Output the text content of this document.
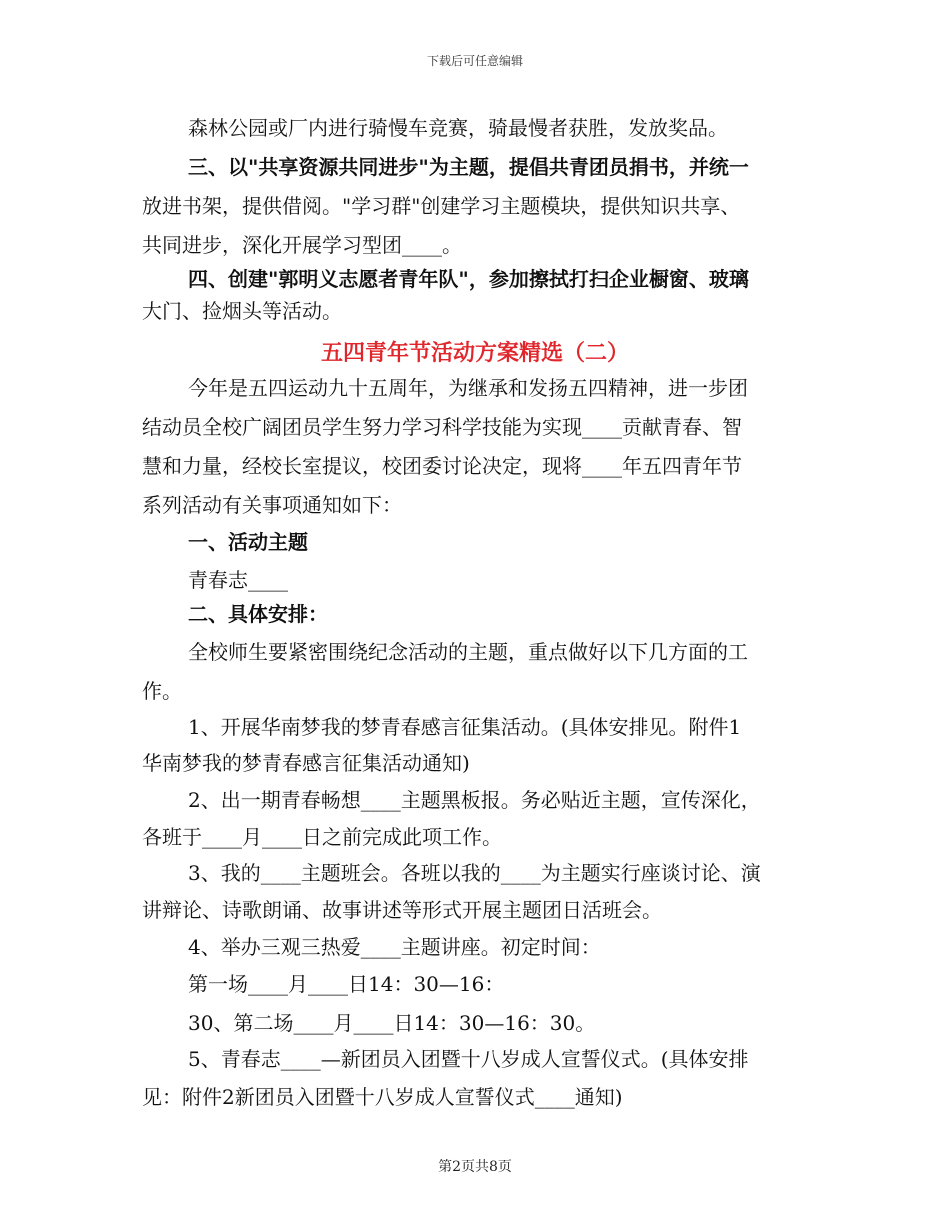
下载后可任意编辑
森林公园或厂内进行骑慢车竞赛，骑最慢者获胜，发放奖品。
三、以"共享资源共同进步"为主题，提倡共青团员捐书，并统一
放进书架，提供借阅。"学习群"创建学习主题模块，提供知识共享、
共同进步，深化开展学习型团____。
四、创建"郭明义志愿者青年队"，参加擦拭打扫企业橱窗、玻璃
大门、捡烟头等活动。
五四青年节活动方案精选（二）
今年是五四运动九十五周年，为继承和发扬五四精神，进一步团
结动员全校广阔团员学生努力学习科学技能为实现____贡献青春、智
慧和力量，经校长室提议，校团委讨论决定，现将____年五四青年节
系列活动有关事项通知如下：
一、活动主题
青春志____
二、具体安排：
全校师生要紧密围绕纪念活动的主题，重点做好以下几方面的工
作。
1、开展华南梦我的梦青春感言征集活动。(具体安排见。附件1
华南梦我的梦青春感言征集活动通知)
2、出一期青春畅想____主题黑板报。务必贴近主题，宣传深化，
各班于____月____日之前完成此项工作。
3、我的____主题班会。各班以我的____为主题实行座谈讨论、演
讲辩论、诗歌朗诵、故事讲述等形式开展主题团日活班会。
4、举办三观三热爱____主题讲座。初定时间：
第一场____月____日14：30—16：
30、第二场____月____日14：30—16：30。
5、青春志____—新团员入团暨十八岁成人宣誓仪式。(具体安排
见：附件2新团员入团暨十八岁成人宣誓仪式____通知)
第2页共8页
